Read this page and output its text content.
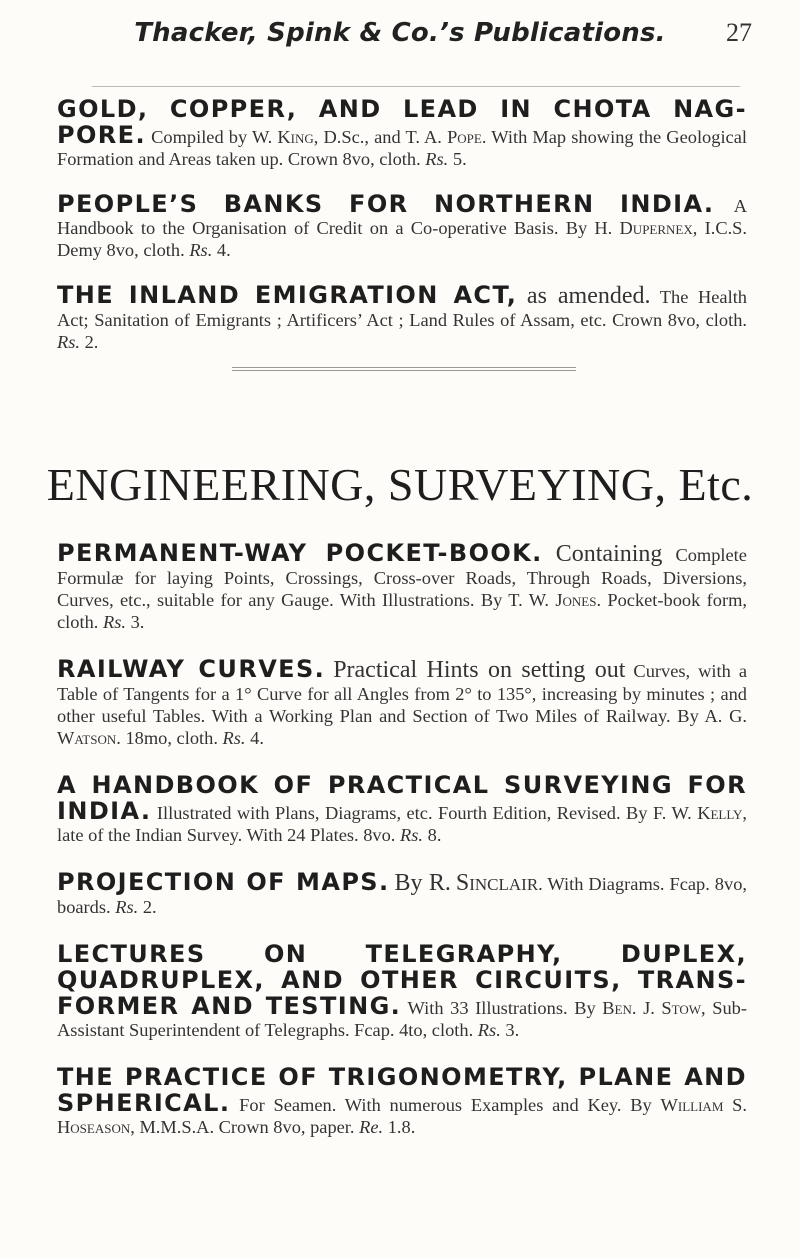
Thacker, Spink & Co.’s Publications.	27

GOLD, COPPER, AND LEAD IN CHOTA NAG- PORE. Compiled by W. King, D.Sc., and T. A. Pope. With Map showing the Geological Formation and Areas taken up. Crown 8vo, cloth. Rs. 5.

PEOPLE’S BANKS FOR NORTHERN INDIA. A Handbook to the Organisation of Credit on a Co-operative Basis. By H. Dupernex, I.C.S. Demy 8vo, cloth. Rs. 4.

THE INLAND EMIGRATION ACT, as amended. The Health Act; Sanitation of Emigrants ; Artificers’ Act ; Land Rules of Assam, etc. Crown 8vo, cloth. Rs. 2.

ENGINEERING, SURVEYING, Etc.

PERMANENT-WAY POCKET-BOOK. Containing Complete Formulæ for laying Points, Crossings, Cross-over Roads, Through Roads, Diversions, Curves, etc., suitable for any Gauge. With Illustrations. By T. W. Jones. Pocket-book form, cloth. Rs. 3.

RAILWAY CURVES. Practical Hints on setting out Curves, with a Table of Tangents for a 1° Curve for all Angles from 2° to 135°, increasing by minutes ; and other useful Tables. With a Working Plan and Section of Two Miles of Railway. By A. G. Watson. 18mo, cloth. Rs. 4.

A HANDBOOK OF PRACTICAL SURVEYING FOR INDIA. Illustrated with Plans, Diagrams, etc. Fourth Edition, Revised. By F. W. Kelly, late of the Indian Survey. With 24 Plates. 8vo. Rs. 8.

PROJECTION OF MAPS. By R. Sinclair. With Diagrams. Fcap. 8vo, boards. Rs. 2.

LECTURES ON TELEGRAPHY, DUPLEX, QUADRUPLEX, AND OTHER CIRCUITS, TRANS- FORMER AND TESTING. With 33 Illustrations. By Ben. J. Stow, Sub-Assistant Superintendent of Telegraphs. Fcap. 4to, cloth. Rs. 3.

THE PRACTICE OF TRIGONOMETRY, PLANE AND SPHERICAL. For Seamen. With numerous Examples and Key. By William S. Hoseason, M.M.S.A. Crown 8vo, paper. Re. 1.8.
